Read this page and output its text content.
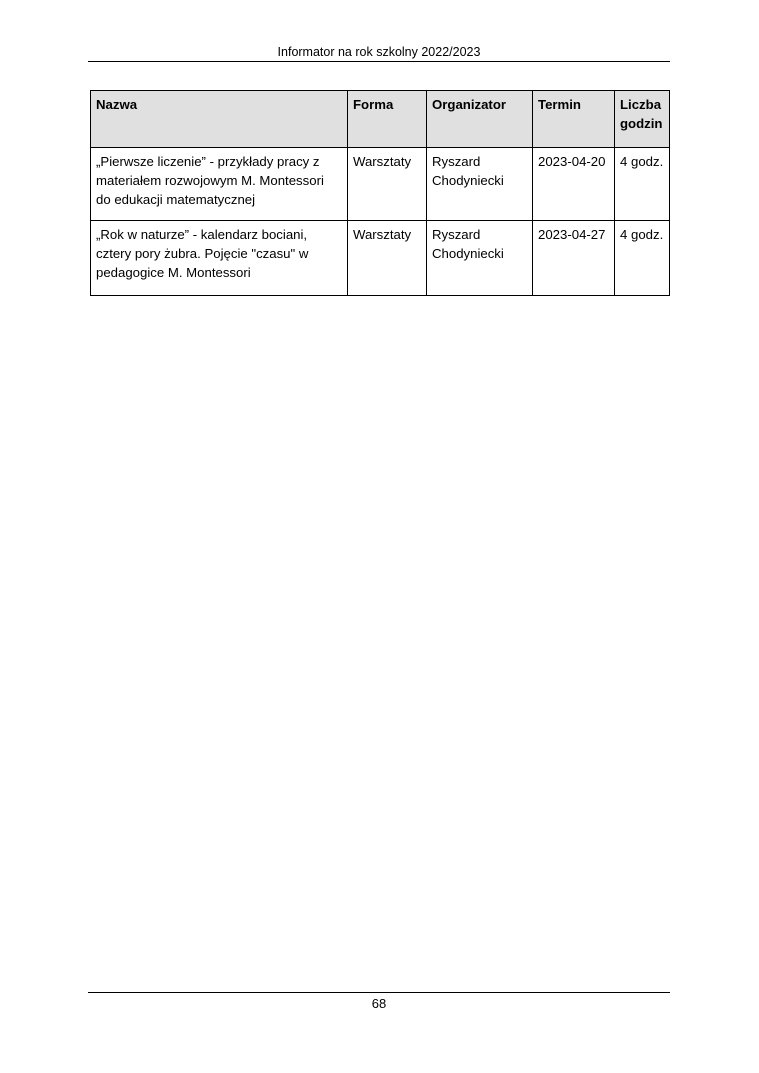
Informator na rok szkolny 2022/2023
Nazwa	Forma	Organizator	Termin	Liczba godzin
„Pierwsze liczenie” - przykłady pracy z materiałem rozwojowym M. Montessori do edukacji matematycznej	Warsztaty	Ryszard Chodyniecki	2023-04-20	4 godz.
„Rok w naturze” - kalendarz bociani, cztery pory żubra. Pojęcie "czasu" w pedagogice M. Montessori	Warsztaty	Ryszard Chodyniecki	2023-04-27	4 godz.
68
